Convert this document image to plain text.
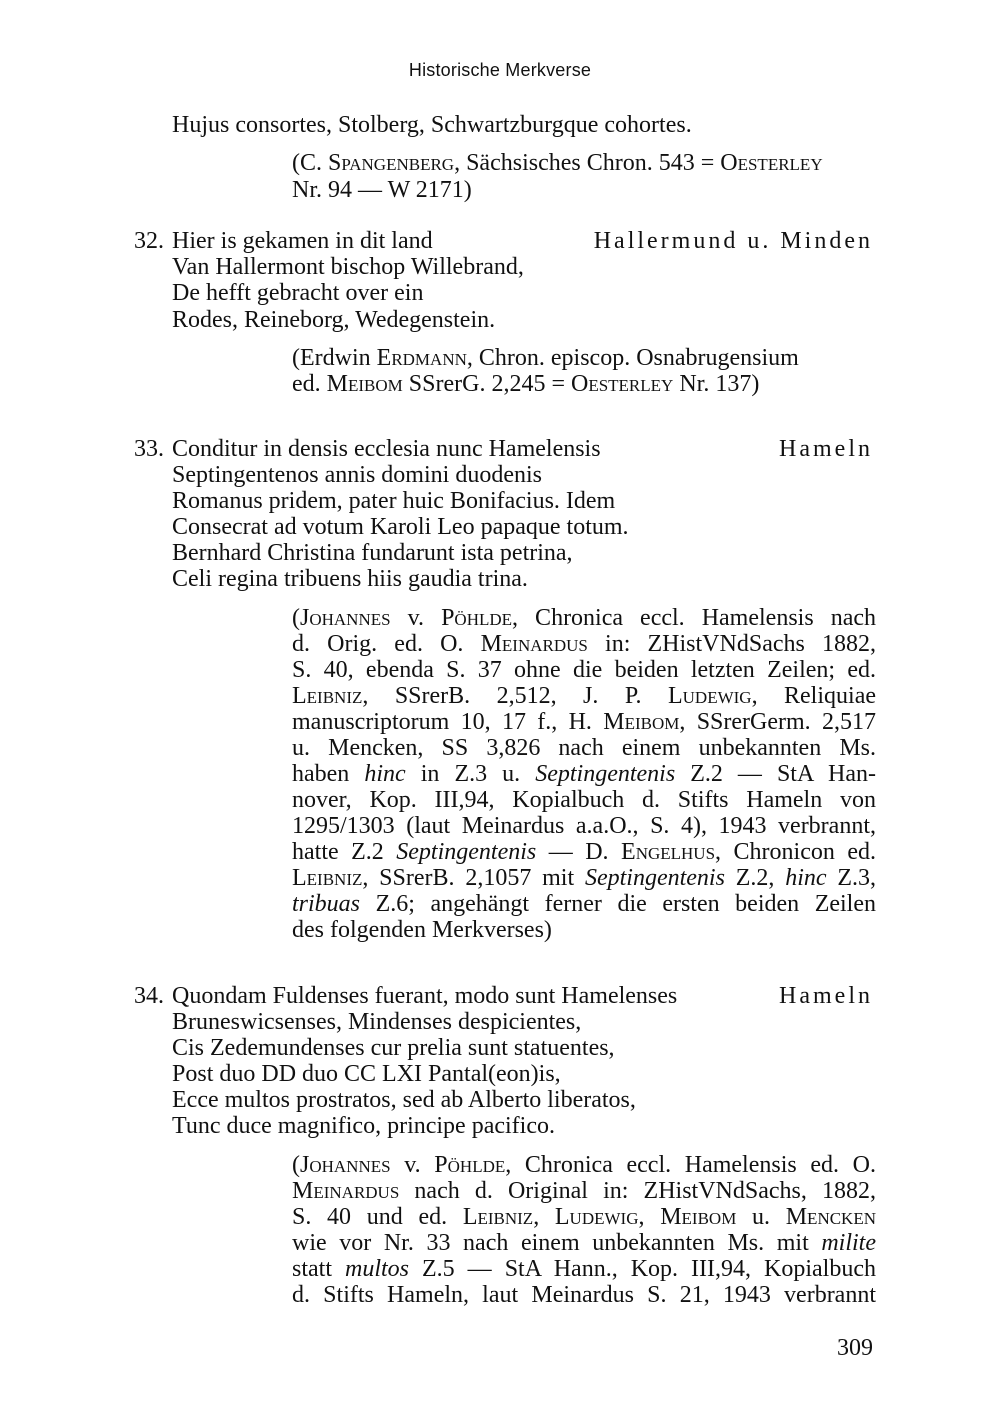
Historische Merkverse
Hujus consortes, Stolberg, Schwartzburgque cohortes.
(C. Spangenberg, Sächsisches Chron. 543 = Oesterley
Nr. 94 — W 2171)
32.	Hallermund u. Minden
Hier is gekamen in dit land
Van Hallermont bischop Willebrand,
De hefft gebracht over ein
Rodes, Reineborg, Wedegenstein.
(Erdwin Erdmann, Chron. episcop. Osnabrugensium
ed. Meibom SSrerG. 2,245 = Oesterley Nr. 137)
33.	Hameln
Conditur in densis ecclesia nunc Hamelensis
Septingentenos annis domini duodenis
Romanus pridem, pater huic Bonifacius. Idem
Consecrat ad votum Karoli Leo papaque totum.
Bernhard Christina fundarunt ista petrina,
Celi regina tribuens hiis gaudia trina.
(Johannes v. Pöhlde, Chronica eccl. Hamelensis nach
d. Orig. ed. O. Meinardus in: ZHistVNdSachs 1882,
S. 40, ebenda S. 37 ohne die beiden letzten Zeilen; ed.
Leibniz, SSrerB. 2,512, J. P. Ludewig, Reliquiae
manuscriptorum 10, 17 f., H. Meibom, SSrerGerm. 2,517
u. Mencken, SS 3,826 nach einem unbekannten Ms.
haben hinc in Z.3 u. Septingentenis Z.2 — StA Han-
nover, Kop. III,94, Kopialbuch d. Stifts Hameln von
1295/1303 (laut Meinardus a.a.O., S. 4), 1943 verbrannt,
hatte Z.2 Septingentenis — D. Engelhus, Chronicon ed.
Leibniz, SSrerB. 2,1057 mit Septingentenis Z.2, hinc Z.3,
tribuas Z.6; angehängt ferner die ersten beiden Zeilen
des folgenden Merkverses)
34.	Hameln
Quondam Fuldenses fuerant, modo sunt Hamelenses
Bruneswicsenses, Mindenses despicientes,
Cis Zedemundenses cur prelia sunt statuentes,
Post duo DD duo CC LXI Pantal(eon)is,
Ecce multos prostratos, sed ab Alberto liberatos,
Tunc duce magnifico, principe pacifico.
(Johannes v. Pöhlde, Chronica eccl. Hamelensis ed. O.
Meinardus nach d. Original in: ZHistVNdSachs, 1882,
S. 40 und ed. Leibniz, Ludewig, Meibom u. Mencken
wie vor Nr. 33 nach einem unbekannten Ms. mit milite
statt multos Z.5 — StA Hann., Kop. III,94, Kopialbuch
d. Stifts Hameln, laut Meinardus S. 21, 1943 verbrannt
309
